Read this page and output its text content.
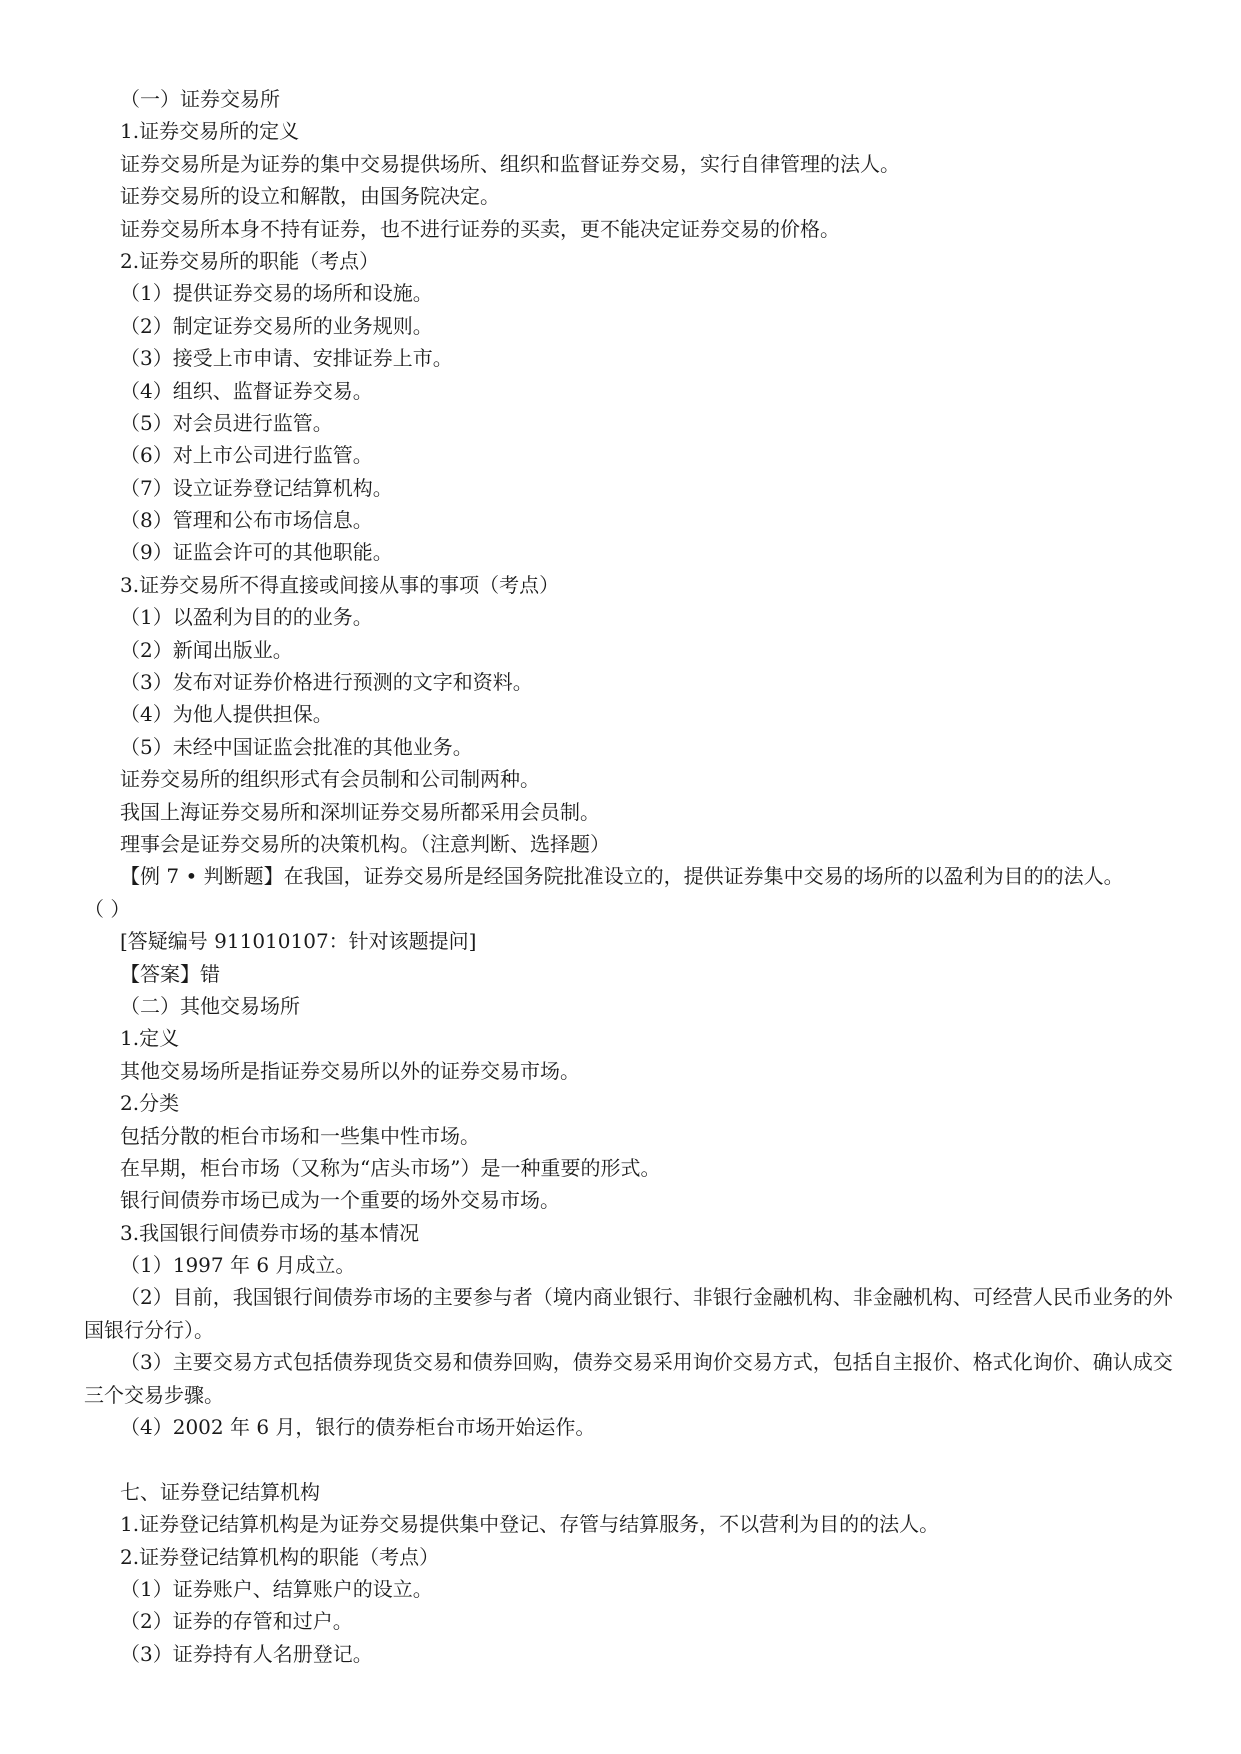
（一）证券交易所
1.证券交易所的定义
证券交易所是为证券的集中交易提供场所、组织和监督证券交易，实行自律管理的法人。
证券交易所的设立和解散，由国务院决定。
证券交易所本身不持有证券，也不进行证券的买卖，更不能决定证券交易的价格。
2.证券交易所的职能（考点）
（1）提供证券交易的场所和设施。
（2）制定证券交易所的业务规则。
（3）接受上市申请、安排证券上市。
（4）组织、监督证券交易。
（5）对会员进行监管。
（6）对上市公司进行监管。
（7）设立证券登记结算机构。
（8）管理和公布市场信息。
（9）证监会许可的其他职能。
3.证券交易所不得直接或间接从事的事项（考点）
（1）以盈利为目的的业务。
（2）新闻出版业。
（3）发布对证券价格进行预测的文字和资料。
（4）为他人提供担保。
（5）未经中国证监会批准的其他业务。
证券交易所的组织形式有会员制和公司制两种。
我国上海证券交易所和深圳证券交易所都采用会员制。
理事会是证券交易所的决策机构。（注意判断、选择题）
【例 7 • 判断题】在我国，证券交易所是经国务院批准设立的，提供证券集中交易的场所的以盈利为目的的法人。
（ ）
[答疑编号 911010107：针对该题提问]
【答案】错
（二）其他交易场所
1.定义
其他交易场所是指证券交易所以外的证券交易市场。
2.分类
包括分散的柜台市场和一些集中性市场。
在早期，柜台市场（又称为“店头市场”）是一种重要的形式。
银行间债券市场已成为一个重要的场外交易市场。
3.我国银行间债券市场的基本情况
（1）1997 年 6 月成立。
（2）目前，我国银行间债券市场的主要参与者（境内商业银行、非银行金融机构、非金融机构、可经营人民币业务的外国银行分行）。
（3）主要交易方式包括债券现货交易和债券回购，债券交易采用询价交易方式，包括自主报价、格式化询价、确认成交三个交易步骤。
（4）2002 年 6 月，银行的债券柜台市场开始运作。
七、证券登记结算机构
1.证券登记结算机构是为证券交易提供集中登记、存管与结算服务，不以营利为目的的法人。
2.证券登记结算机构的职能（考点）
（1）证券账户、结算账户的设立。
（2）证券的存管和过户。
（3）证券持有人名册登记。
